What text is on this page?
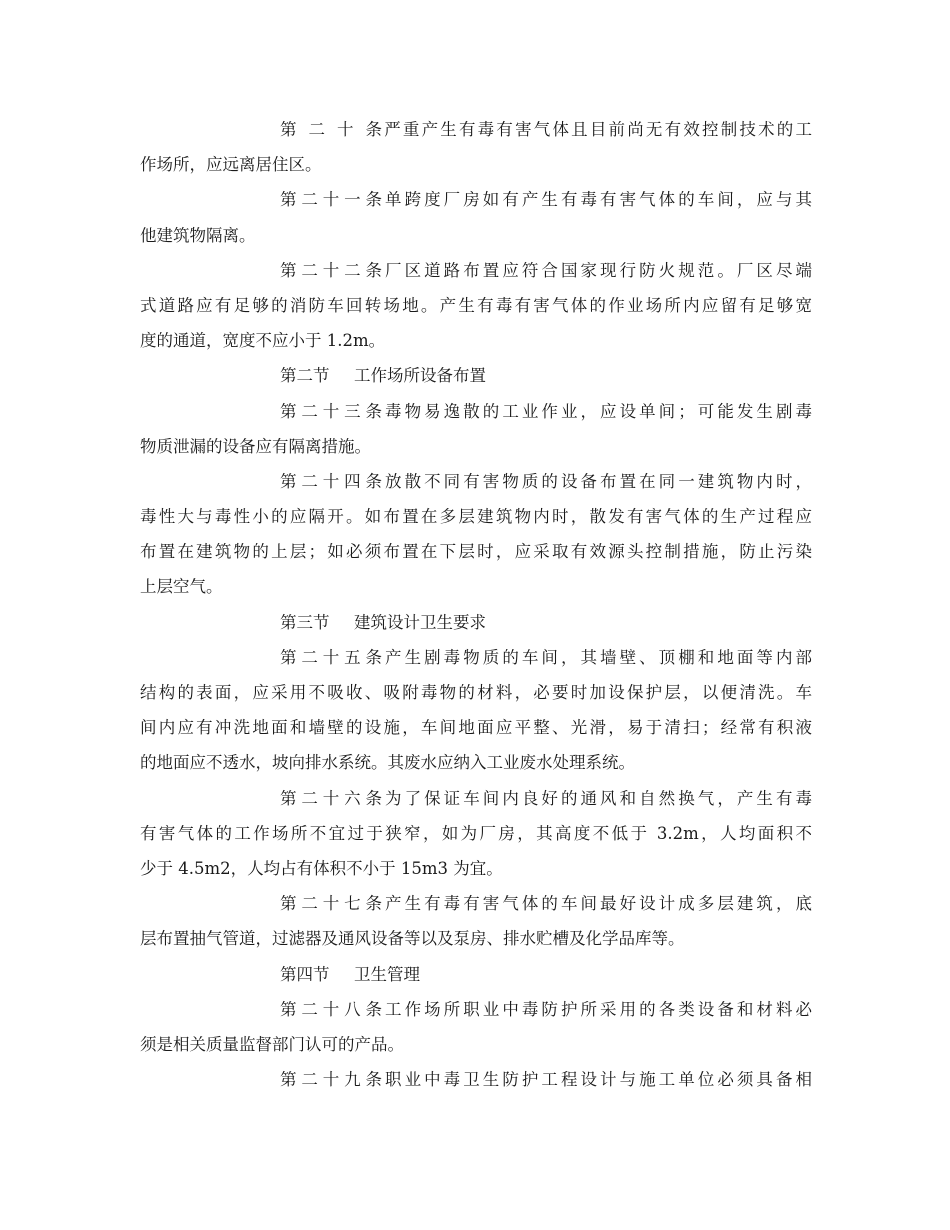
第二十条严重产生有毒有害气体且目前尚无有效控制技术的工
作场所，应远离居住区。
第二十一条单跨度厂房如有产生有毒有害气体的车间，应与其
他建筑物隔离。
第二十二条厂区道路布置应符合国家现行防火规范。厂区尽端
式道路应有足够的消防车回转场地。产生有毒有害气体的作业场所内应留有足够宽
度的通道，宽度不应小于 1.2m。
第二节 工作场所设备布置
第二十三条毒物易逸散的工业作业，应设单间；可能发生剧毒
物质泄漏的设备应有隔离措施。
第二十四条放散不同有害物质的设备布置在同一建筑物内时，
毒性大与毒性小的应隔开。如布置在多层建筑物内时，散发有害气体的生产过程应
布置在建筑物的上层；如必须布置在下层时，应采取有效源头控制措施，防止污染
上层空气。
第三节 建筑设计卫生要求
第二十五条产生剧毒物质的车间，其墙壁、顶棚和地面等内部
结构的表面，应采用不吸收、吸附毒物的材料，必要时加设保护层，以便清洗。车
间内应有冲洗地面和墙壁的设施，车间地面应平整、光滑，易于清扫；经常有积液
的地面应不透水，坡向排水系统。其废水应纳入工业废水处理系统。
第二十六条为了保证车间内良好的通风和自然换气，产生有毒
有害气体的工作场所不宜过于狭窄，如为厂房，其高度不低于 3.2m，人均面积不
少于 4.5m2，人均占有体积不小于 15m3 为宜。
第二十七条产生有毒有害气体的车间最好设计成多层建筑，底
层布置抽气管道，过滤器及通风设备等以及泵房、排水贮槽及化学品库等。
第四节 卫生管理
第二十八条工作场所职业中毒防护所采用的各类设备和材料必
须是相关质量监督部门认可的产品。
第二十九条职业中毒卫生防护工程设计与施工单位必须具备相
